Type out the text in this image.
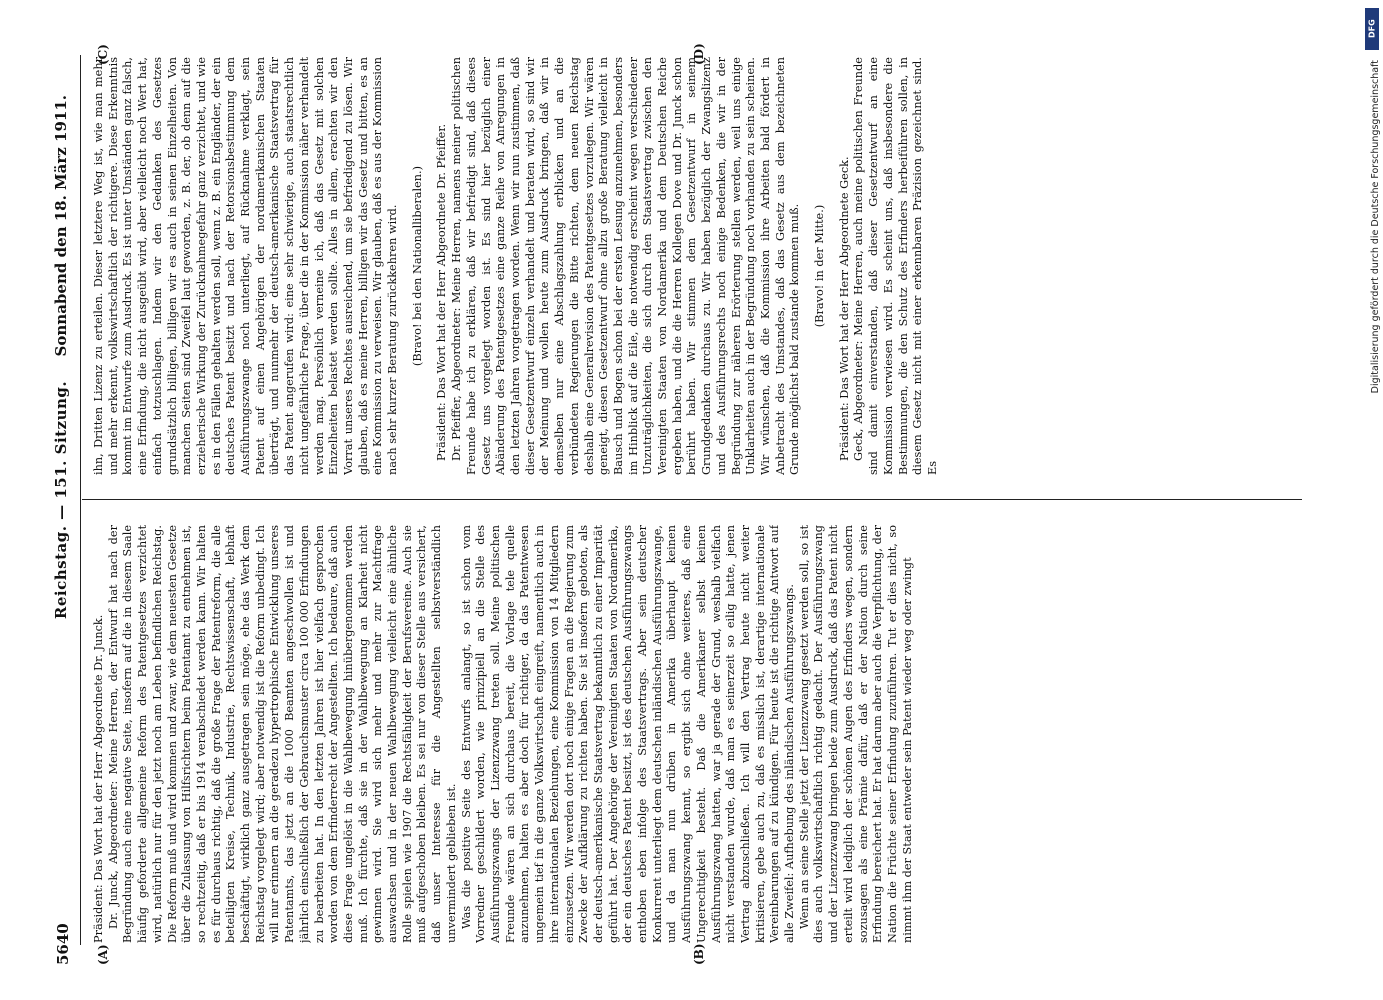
Digitalisierung gefördert durch die Deutsche Forschungsgemeinschaft
DFG
5640
Reichstag. — 151. Sitzung.
Sonnabend den 18. März 1911.
(A)	(B)
(C)	(D)

Präsident: Das Wort hat der Herr Abgeordnete Dr. Junck. Dr. Junck, Abgeordneter: Meine Herren, der Entwurf hat nach der Begründung auch eine negative Seite, insofern auf die in diesem Saale häufig geforderte allgemeine Reform des Patentgesetzes verzichtet wird, natürlich nur für den jetzt noch am Leben befindlichen Reichstag. Die Reform muß und wird kommen und zwar, wie dem neuesten Gesetze über die Zulassung von Hilfsrichtern beim Patentamt zu entnehmen ist, so rechtzeitig, daß er bis 1914 verabschiedet werden kann. Wir halten es für durchaus richtig, daß die große Frage der Patentreform, die alle beteiligten Kreise, Technik, Industrie, Rechtswissenschaft, lebhaft beschäftigt, wirklich ganz ausgetragen sein möge, ehe das Werk dem Reichstag vorgelegt wird; aber notwendig ist die Reform unbedingt. Ich will nur erinnern an die geradezu hypertrophische Entwicklung unseres Patentamts, das jetzt an die 1000 Beamten angeschwollen ist und jährlich einschließlich der Gebrauchsmuster circa 100 000 Erfindungen zu bearbeiten hat. In den letzten Jahren ist hier vielfach gesprochen worden von dem Erfinderrecht der Angestellten. Ich bedaure, daß auch diese Frage ungelöst in die Wahlbewegung hinübergenommen werden muß. Ich fürchte, daß sie in der Wahlbewegung an Klarheit nicht gewinnen wird. Sie wird sich mehr und mehr zur Machtfrage auswachsen und in der neuen Wahlbewegung vielleicht eine ähnliche Rolle spielen wie 1907 die Rechtsfähigkeit der Berufsvereine. Auch sie muß aufgeschoben bleiben. Es sei nur von dieser Stelle aus versichert, daß unser Interesse für die Angestellten selbstverständlich unvermindert geblieben ist. Was die positive Seite des Entwurfs anlangt, so ist schon vom Vorredner geschildert worden, wie prinzipiell an die Stelle des Ausführungszwangs der Lizenzzwang treten soll. Meine politischen Freunde wären an sich durchaus bereit, die Vorlage tele quelle anzunehmen, halten es aber doch für richtiger, da das Patentwesen ungemein tief in die ganze Volkswirtschaft eingreift, namentlich auch in ihre internationalen Beziehungen, eine Kommission von 14 Mitgliedern einzusetzen. Wir werden dort noch einige Fragen an die Regierung zum Zwecke der Aufklärung zu richten haben. Sie ist insofern geboten, als der deutsch-amerikanische Staatsvertrag bekanntlich zu einer Imparität geführt hat. Der Angehörige der Vereinigten Staaten von Nordamerika, der ein deutsches Patent besitzt, ist des deutschen Ausführungszwangs enthoben eben infolge des Staatsvertrags. Aber sein deutscher Konkurrent unterliegt dem deutschen inländischen Ausführungszwange, und da man nun drüben in Amerika überhaupt keinen Ausführungszwang kennt, so ergibt sich ohne weiteres, daß eine Ungerechtigkeit besteht. Daß die Amerikaner selbst keinen Ausführungszwang hatten, war ja gerade der Grund, weshalb vielfach nicht verstanden wurde, daß man es seinerzeit so eilig hatte, jenen Vertrag abzuschließen. Ich will den Vertrag heute nicht weiter kritisieren, gebe auch zu, daß es misslich ist, derartige internationale Vereinbarungen auf zu kündigen. Für heute ist die richtige Antwort auf alle Zweifel: Aufhebung des inländischen Ausführungszwangs. Wenn an seine Stelle jetzt der Lizenzzwang gesetzt werden soll, so ist dies auch volkswirtschaftlich richtig gedacht. Der Ausführungszwang und der Lizenzzwang bringen beide zum Ausdruck, daß das Patent nicht erteilt wird lediglich der schönen Augen des Erfinders wegen, sondern sozusagen als eine Prämie dafür, daß er der Nation durch seine Erfindung bereichert hat. Er hat darum aber auch die Verpflichtung, der Nation die Früchte seiner Erfindung zuzuführen. Tut er dies nicht, so nimmt ihm der Staat entweder sein Patent wieder weg oder zwingt

ihn, Dritten Lizenz zu erteilen. Dieser letztere Weg ist, wie man mehr und mehr erkennt, volkswirtschaftlich der richtigere. Diese Erkenntnis kommt im Entwurfe zum Ausdruck. Es ist unter Umständen ganz falsch, eine Erfindung, die nicht ausgeübt wird, aber vielleicht noch Wert hat, einfach totzuschlagen. Indem wir den Gedanken des Gesetzes grundsätzlich billigen, billigen wir es auch in seinen Einzelheiten. Von manchen Seiten sind Zweifel laut geworden, z. B. der, ob denn auf die erzieherische Wirkung der Zurücknahmegefahr ganz verzichtet, und wie es in den Fällen gehalten werden soll, wenn z. B. ein Engländer, der ein deutsches Patent besitzt und nach der Retorsionsbestimmung dem Ausführungszwange noch unterliegt, auf Rücknahme verklagt, sein Patent auf einen Angehörigen der nordamerikanischen Staaten überträgt, und nunmehr der deutsch-amerikanische Staatsvertrag für das Patent angerufen wird: eine sehr schwierige, auch staatsrechtlich nicht ungefährliche Frage, über die in der Kommission näher verhandelt werden mag. Persönlich verneine ich, daß das Gesetz mit solchen Einzelheiten belastet werden sollte. Alles in allem, erachten wir den Vorrat unseres Rechtes ausreichend, um sie befriedigend zu lösen. Wir glauben, daß es meine Herren, billigen wir das Gesetz und bitten, es an eine Kommission zu verweisen. Wir glauben, daß es aus der Kommission nach sehr kurzer Beratung zurückkehren wird. (Bravo! bei den Nationalliberalen.) Präsident: Das Wort hat der Herr Abgeordnete Dr. Pfeiffer. Dr. Pfeiffer, Abgeordneter: Meine Herren, namens meiner politischen Freunde habe ich zu erklären, daß wir befriedigt sind, daß dieses Gesetz uns vorgelegt worden ist. Es sind hier bezüglich einer Abänderung des Patentgesetzes eine ganze Reihe von Anregungen in den letzten Jahren vorgetragen worden. Wenn wir nun zustimmen, daß dieser Gesetzentwurf einzeln verhandelt und beraten wird, so sind wir der Meinung und wollen heute zum Ausdruck bringen, daß wir in demselben nur eine Abschlagszahlung erblicken und an die verbündeten Regierungen die Bitte richten, dem neuen Reichstag deshalb eine Generalrevision des Patentgesetzes vorzulegen. Wir wären geneigt, diesen Gesetzentwurf ohne allzu große Beratung vielleicht in Bausch und Bogen schon bei der ersten Lesung anzunehmen, besonders im Hinblick auf die Eile, die notwendig erscheint wegen verschiedener Unzuträglichkeiten, die sich durch den Staatsvertrag zwischen den Vereinigten Staaten von Nordamerika und dem Deutschen Reiche ergeben haben, und die die Herren Kollegen Dove und Dr. Junck schon berührt haben. Wir stimmen dem Gesetzentwurf in seinem Grundgedanken durchaus zu. Wir haben bezüglich der Zwangslizenz und des Ausführungsrechts noch einige Bedenken, die wir in der Begründung zur näheren Erörterung stellen werden, weil uns einige Unklarheiten auch in der Begründung noch vorhanden zu sein scheinen. Wir wünschen, daß die Kommission ihre Arbeiten bald fördert in Anbetracht des Umstandes, daß das Gesetz aus dem bezeichneten Grunde möglichst bald zustande kommen muß. (Bravo! in der Mitte.) Präsident: Das Wort hat der Herr Abgeordnete Geck. Geck, Abgeordneter: Meine Herren, auch meine politischen Freunde sind damit einverstanden, daß dieser Gesetzentwurf an eine Kommission verwiesen wird. Es scheint uns, daß insbesondere die Bestimmungen, die den Schutz des Erfinders herbeiführen sollen, in diesem Gesetz nicht mit einer erkennbaren Präzision gezeichnet sind. Es
